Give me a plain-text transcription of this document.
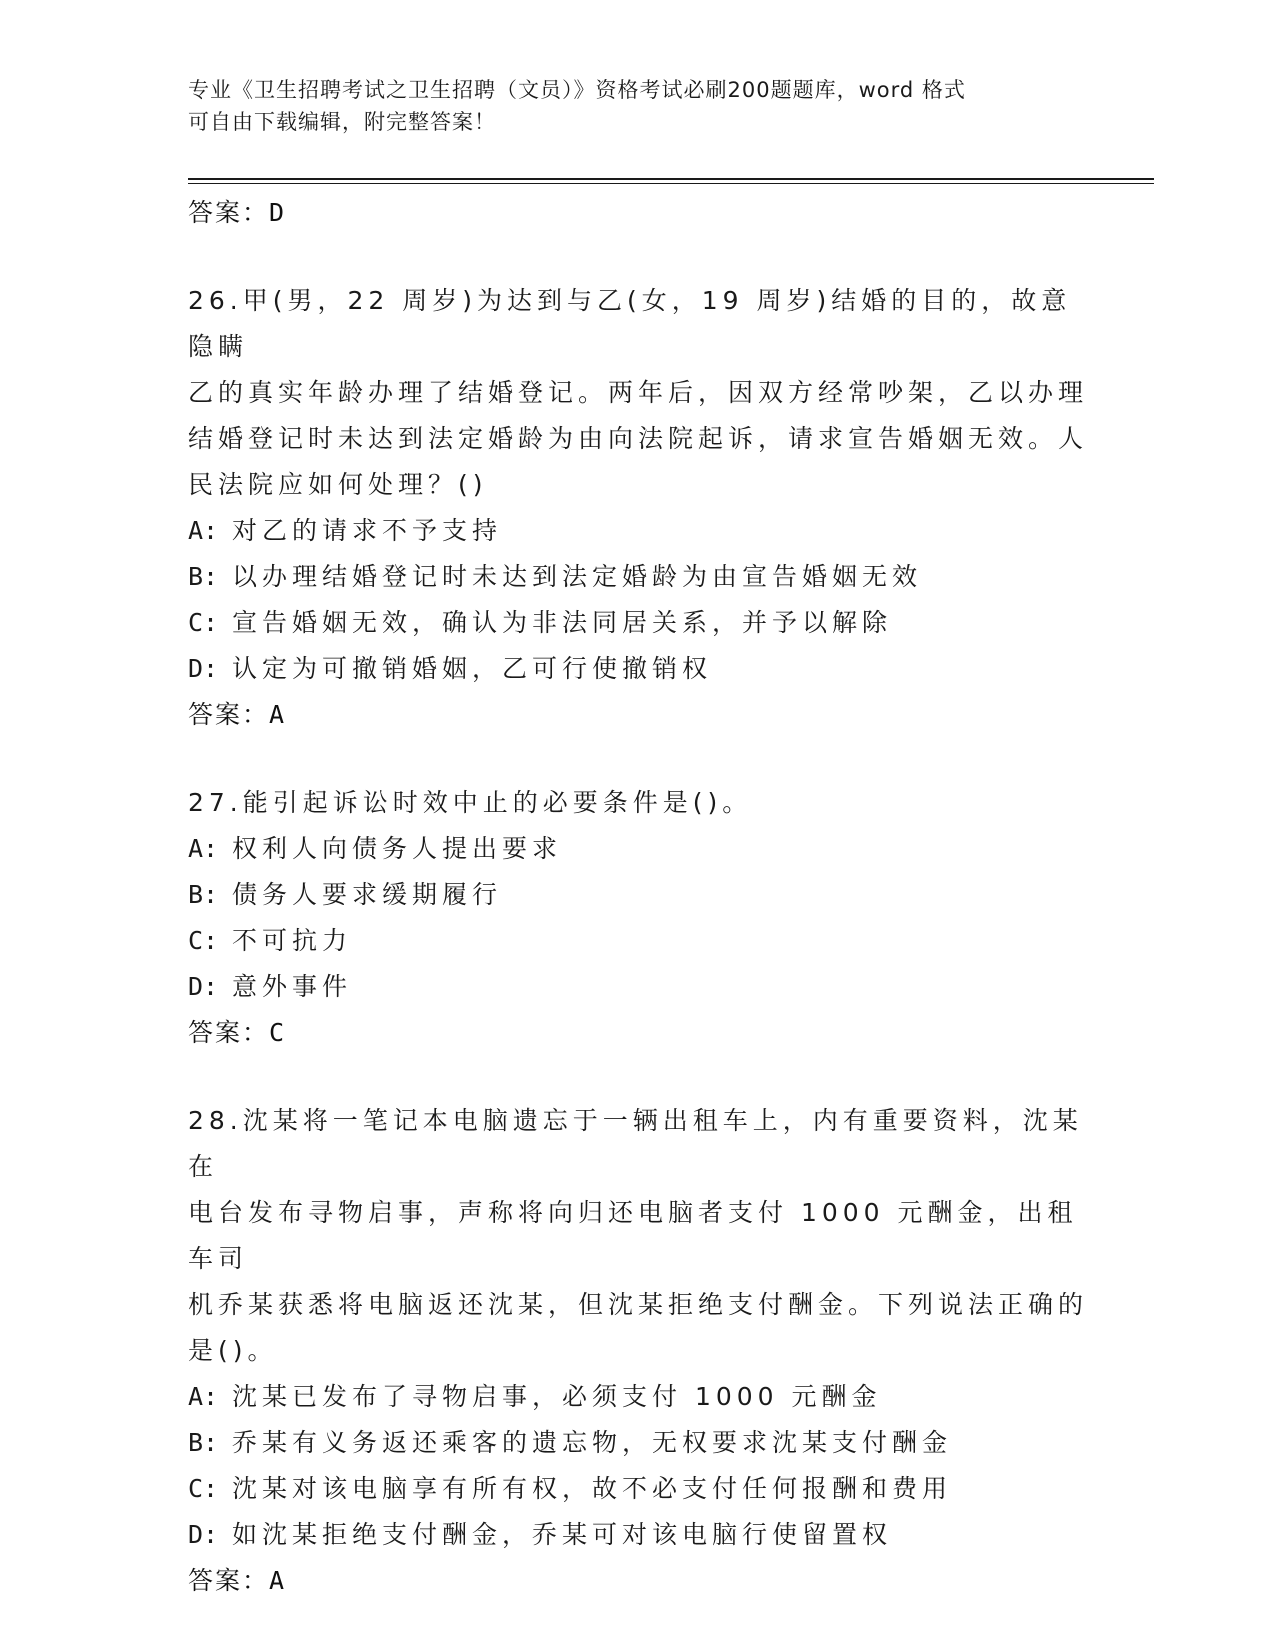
专业《卫生招聘考试之卫生招聘（文员）》资格考试必刷200题题库，word 格式
可自由下载编辑，附完整答案！
答案：D
26.甲(男，22 周岁)为达到与乙(女，19 周岁)结婚的目的，故意隐瞒
乙的真实年龄办理了结婚登记。两年后，因双方经常吵架，乙以办理
结婚登记时未达到法定婚龄为由向法院起诉，请求宣告婚姻无效。人
民法院应如何处理？()
A: 对乙的请求不予支持
B: 以办理结婚登记时未达到法定婚龄为由宣告婚姻无效
C: 宣告婚姻无效，确认为非法同居关系，并予以解除
D: 认定为可撤销婚姻，乙可行使撤销权
答案：A
27.能引起诉讼时效中止的必要条件是()。
A: 权利人向债务人提出要求
B: 债务人要求缓期履行
C: 不可抗力
D: 意外事件
答案：C
28.沈某将一笔记本电脑遗忘于一辆出租车上，内有重要资料，沈某在
电台发布寻物启事，声称将向归还电脑者支付 1000 元酬金，出租车司
机乔某获悉将电脑返还沈某，但沈某拒绝支付酬金。下列说法正确的
是()。
A: 沈某已发布了寻物启事，必须支付 1000 元酬金
B: 乔某有义务返还乘客的遗忘物，无权要求沈某支付酬金
C: 沈某对该电脑享有所有权，故不必支付任何报酬和费用
D: 如沈某拒绝支付酬金，乔某可对该电脑行使留置权
答案：A
